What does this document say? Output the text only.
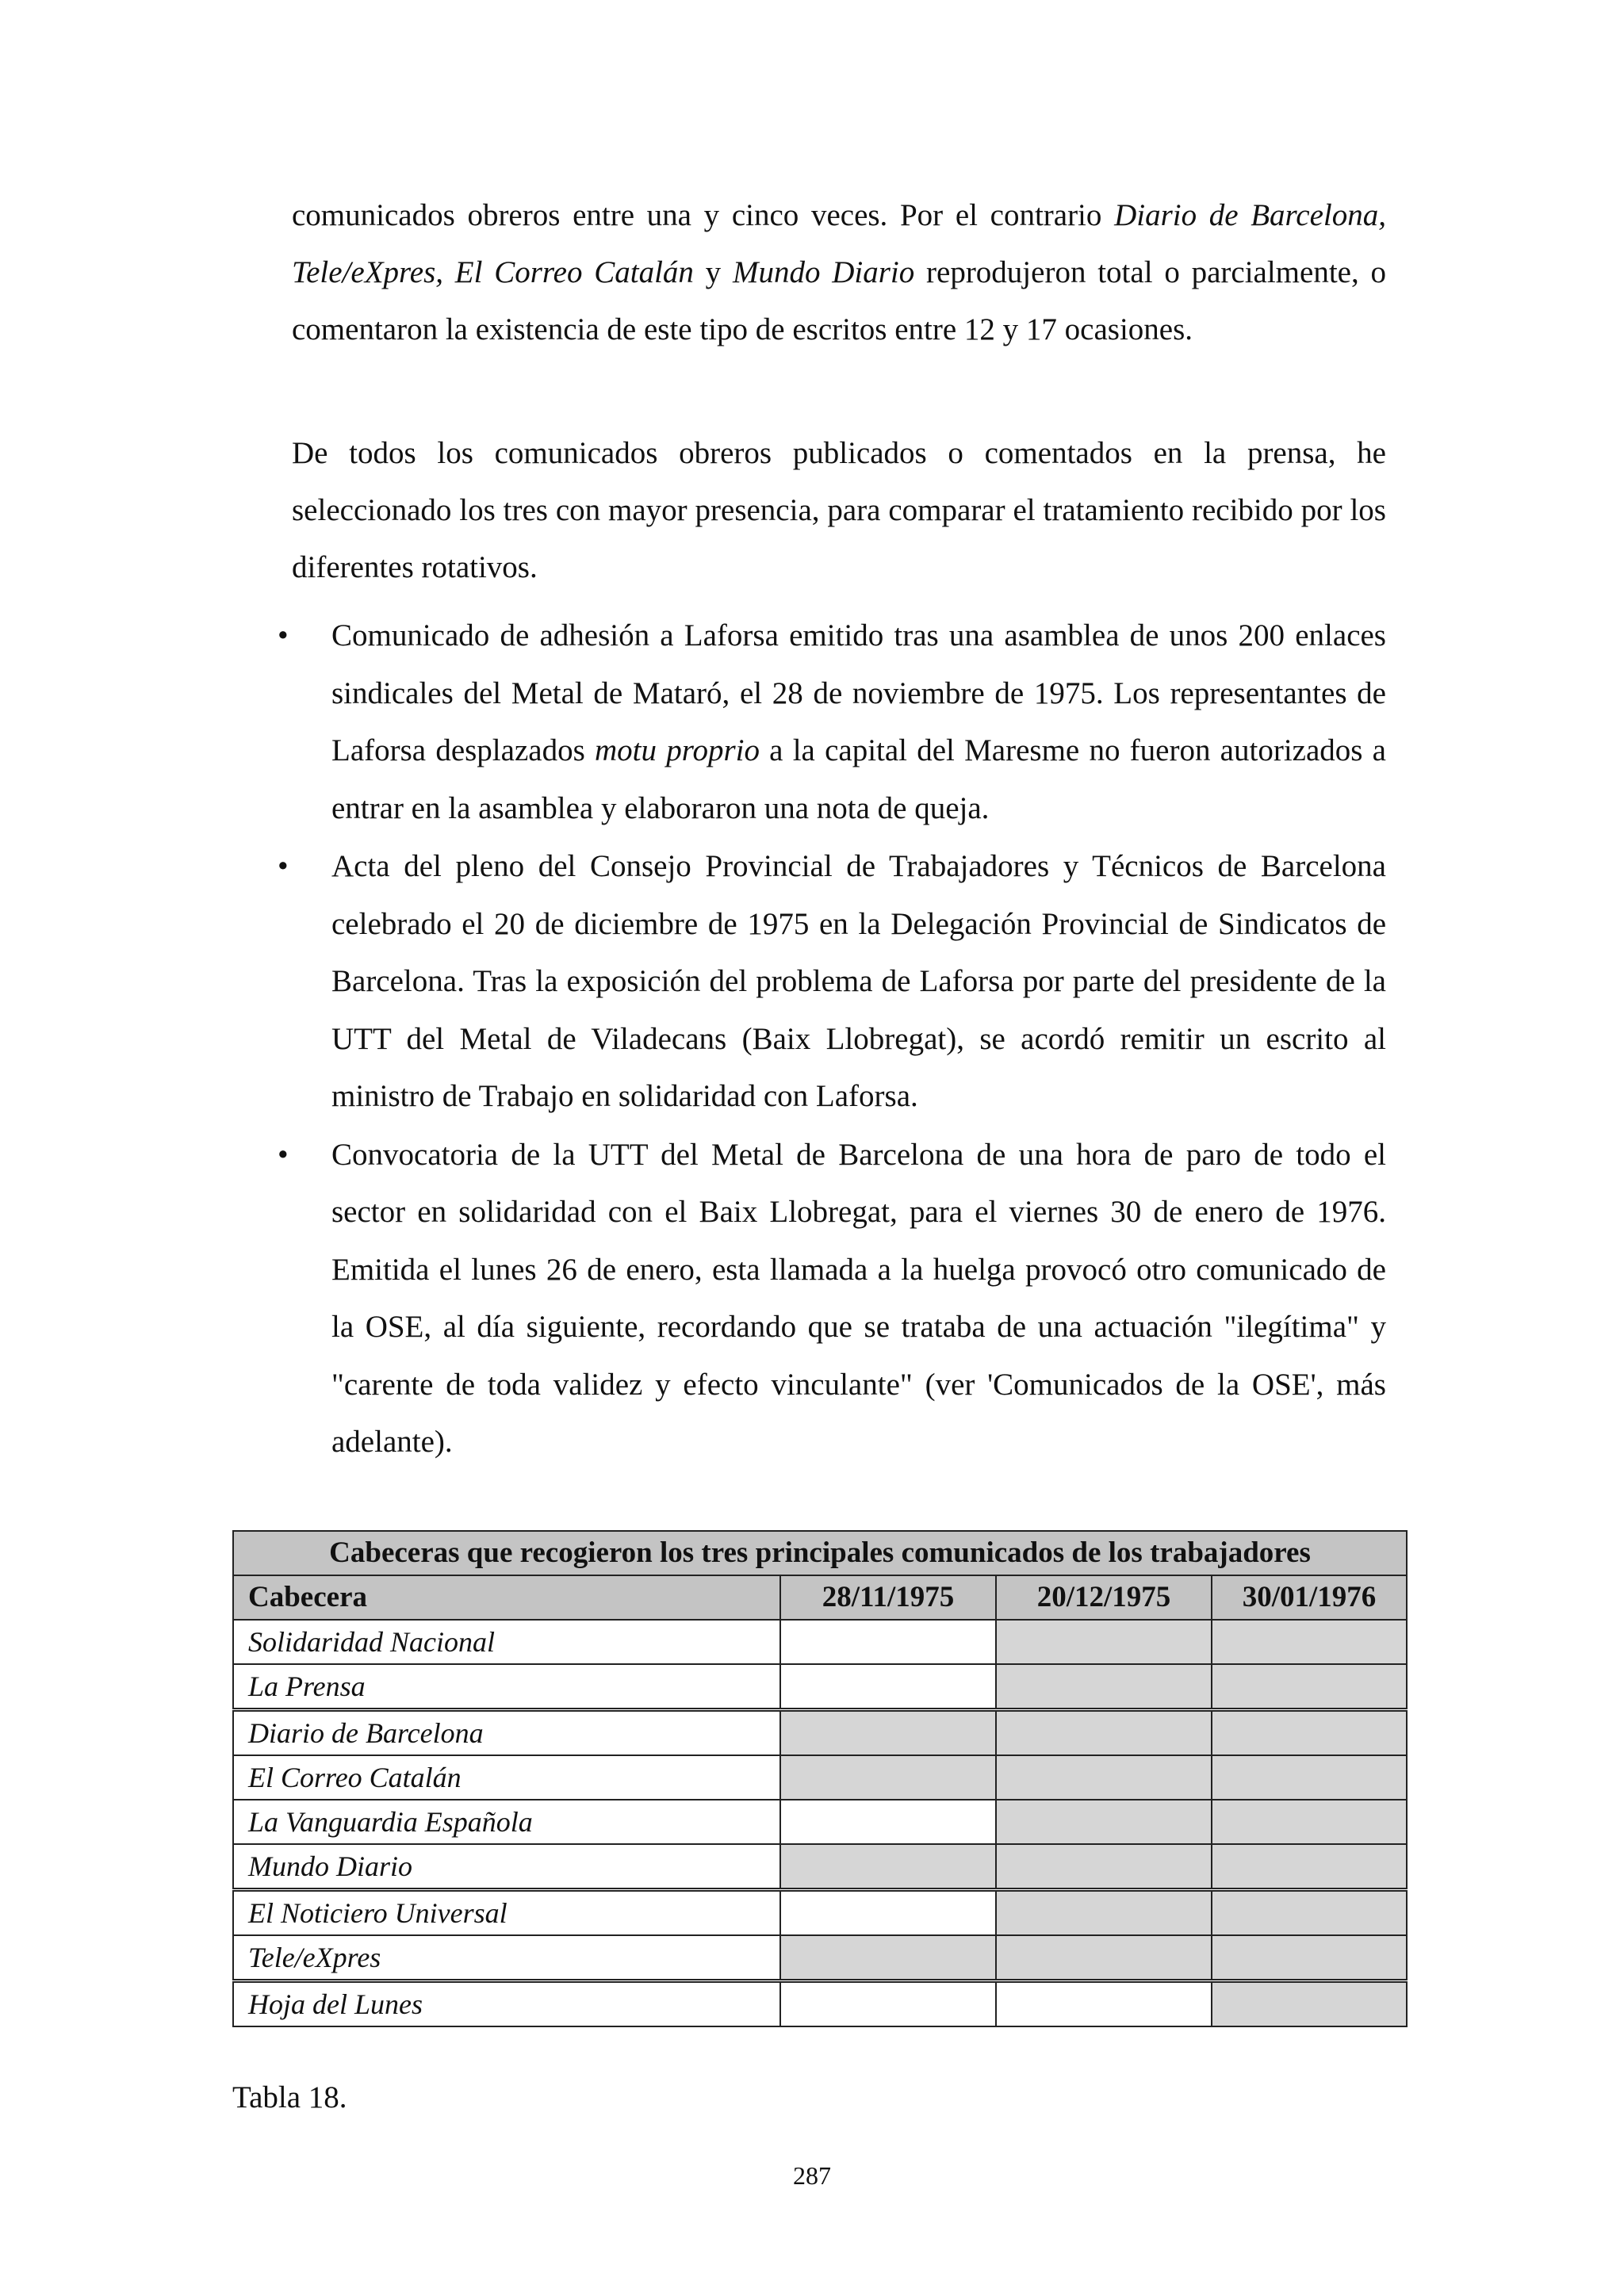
comunicados obreros entre una y cinco veces. Por el contrario Diario de Barcelona, Tele/eXpres, El Correo Catalán y Mundo Diario reprodujeron total o parcialmente, o comentaron la existencia de este tipo de escritos entre 12 y 17 ocasiones.

De todos los comunicados obreros publicados o comentados en la prensa, he seleccionado los tres con mayor presencia, para comparar el tratamiento recibido por los diferentes rotativos.

• Comunicado de adhesión a Laforsa emitido tras una asamblea de unos 200 enlaces sindicales del Metal de Mataró, el 28 de noviembre de 1975. Los representantes de Laforsa desplazados motu proprio a la capital del Maresme no fueron autorizados a entrar en la asamblea y elaboraron una nota de queja.
• Acta del pleno del Consejo Provincial de Trabajadores y Técnicos de Barcelona celebrado el 20 de diciembre de 1975 en la Delegación Provincial de Sindicatos de Barcelona. Tras la exposición del problema de Laforsa por parte del presidente de la UTT del Metal de Viladecans (Baix Llobregat), se acordó remitir un escrito al ministro de Trabajo en solidaridad con Laforsa.
• Convocatoria de la UTT del Metal de Barcelona de una hora de paro de todo el sector en solidaridad con el Baix Llobregat, para el viernes 30 de enero de 1976. Emitida el lunes 26 de enero, esta llamada a la huelga provocó otro comunicado de la OSE, al día siguiente, recordando que se trataba de una actuación "ilegítima" y "carente de toda validez y efecto vinculante" (ver 'Comunicados de la OSE', más adelante).
Cabeceras que recogieron los tres principales comunicados de los trabajadores			
Cabecera	28/11/1975	20/12/1975	30/01/1976
Solidaridad Nacional			
La Prensa			
Diario de Barcelona			
El Correo Catalán			
La Vanguardia Española			
Mundo Diario			
El Noticiero Universal			
Tele/eXpres			
Hoja del Lunes			

Tabla 18.

287
